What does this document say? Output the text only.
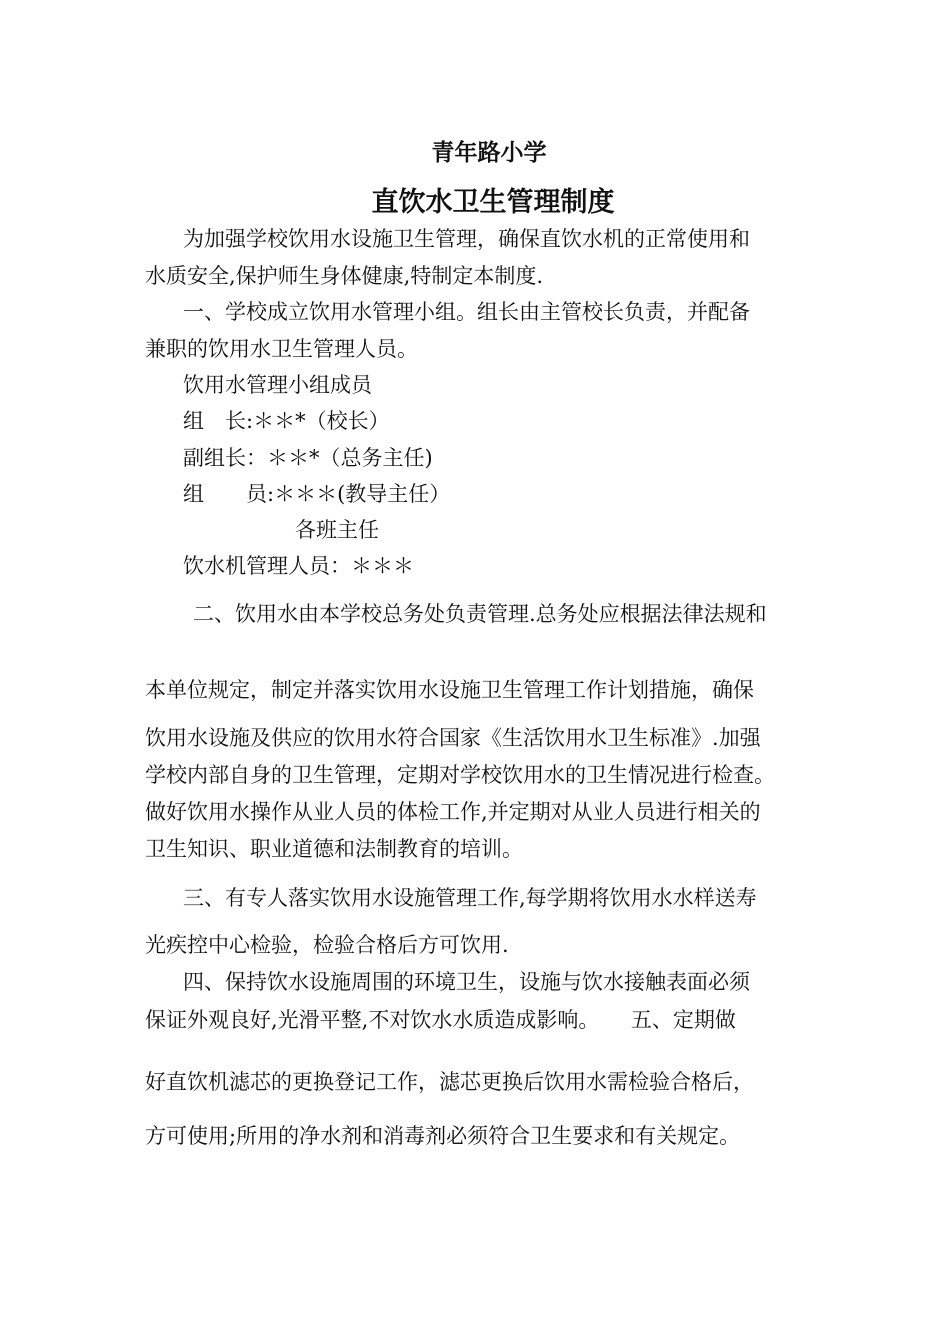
青年路小学
直饮水卫生管理制度
为加强学校饮用水设施卫生管理，确保直饮水机的正常使用和
水质安全,保护师生身体健康,特制定本制度.
一、学校成立饮用水管理小组。组长由主管校长负责，并配备
兼职的饮用水卫生管理人员。
饮用水管理小组成员
组　长:＊＊*（校长）
副组长：＊＊*（总务主任)
组　　员:＊＊＊(教导主任）
各班主任
饮水机管理人员：＊＊＊
二、饮用水由本学校总务处负责管理.总务处应根据法律法规和
本单位规定，制定并落实饮用水设施卫生管理工作计划措施，确保
饮用水设施及供应的饮用水符合国家《生活饮用水卫生标准》.加强
学校内部自身的卫生管理，定期对学校饮用水的卫生情况进行检查。
做好饮用水操作从业人员的体检工作,并定期对从业人员进行相关的
卫生知识、职业道德和法制教育的培训。
三、有专人落实饮用水设施管理工作,每学期将饮用水水样送寿
光疾控中心检验，检验合格后方可饮用.
四、保持饮水设施周围的环境卫生，设施与饮水接触表面必须
保证外观良好,光滑平整,不对饮水水质造成影响。　　五、定期做
好直饮机滤芯的更换登记工作，滤芯更换后饮用水需检验合格后，
方可使用;所用的净水剂和消毒剂必须符合卫生要求和有关规定。
